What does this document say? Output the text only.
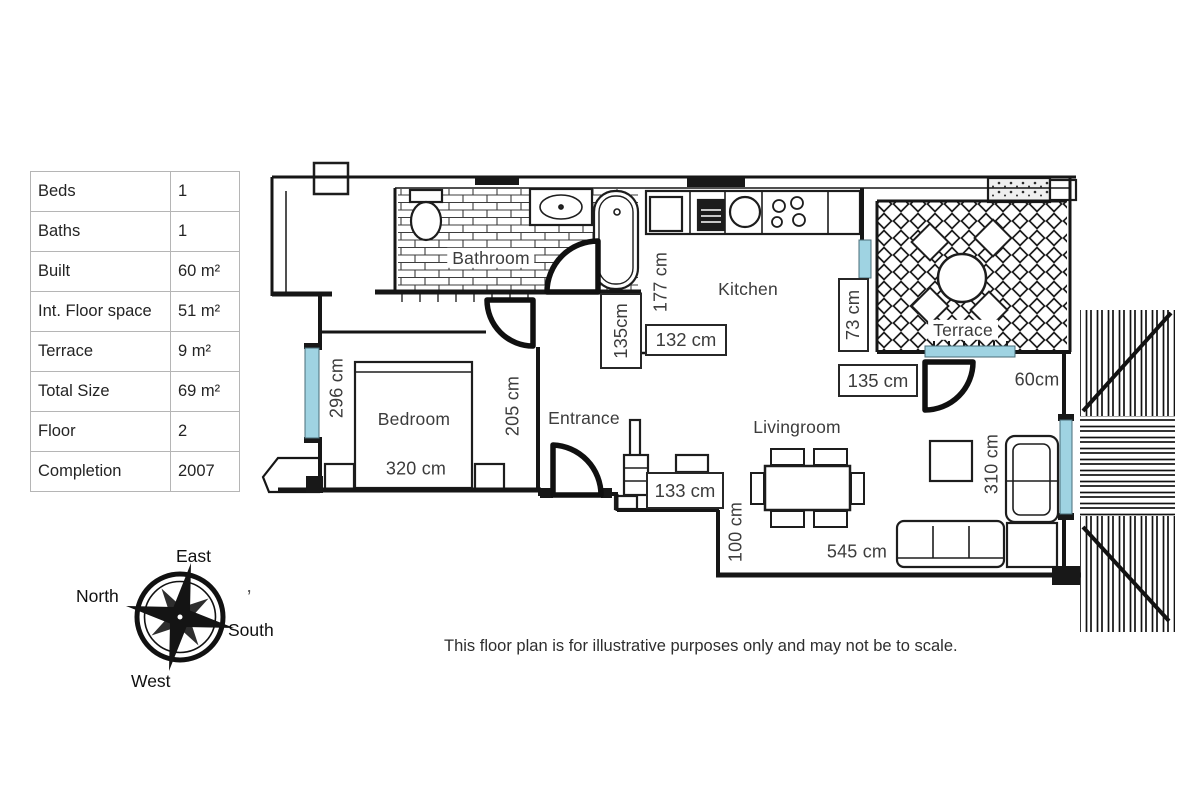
Beds	1
Baths	1
Built	60 m²
Int. Floor space	51 m²
Terrace	9 m²
Total Size	69 m²
Floor	2
Completion	2007
Bathroom
Kitchen
Terrace
Bedroom	Entrance	Livingroom
320 cm
296 cm	205 cm
177 cm
60cm
100 cm	545 cm
310 cm
135cm 132 cm	73 cm
135 cm
133 cm
East
North
South
West
ʼ
This floor plan is for illustrative purposes only and may not be to scale.
